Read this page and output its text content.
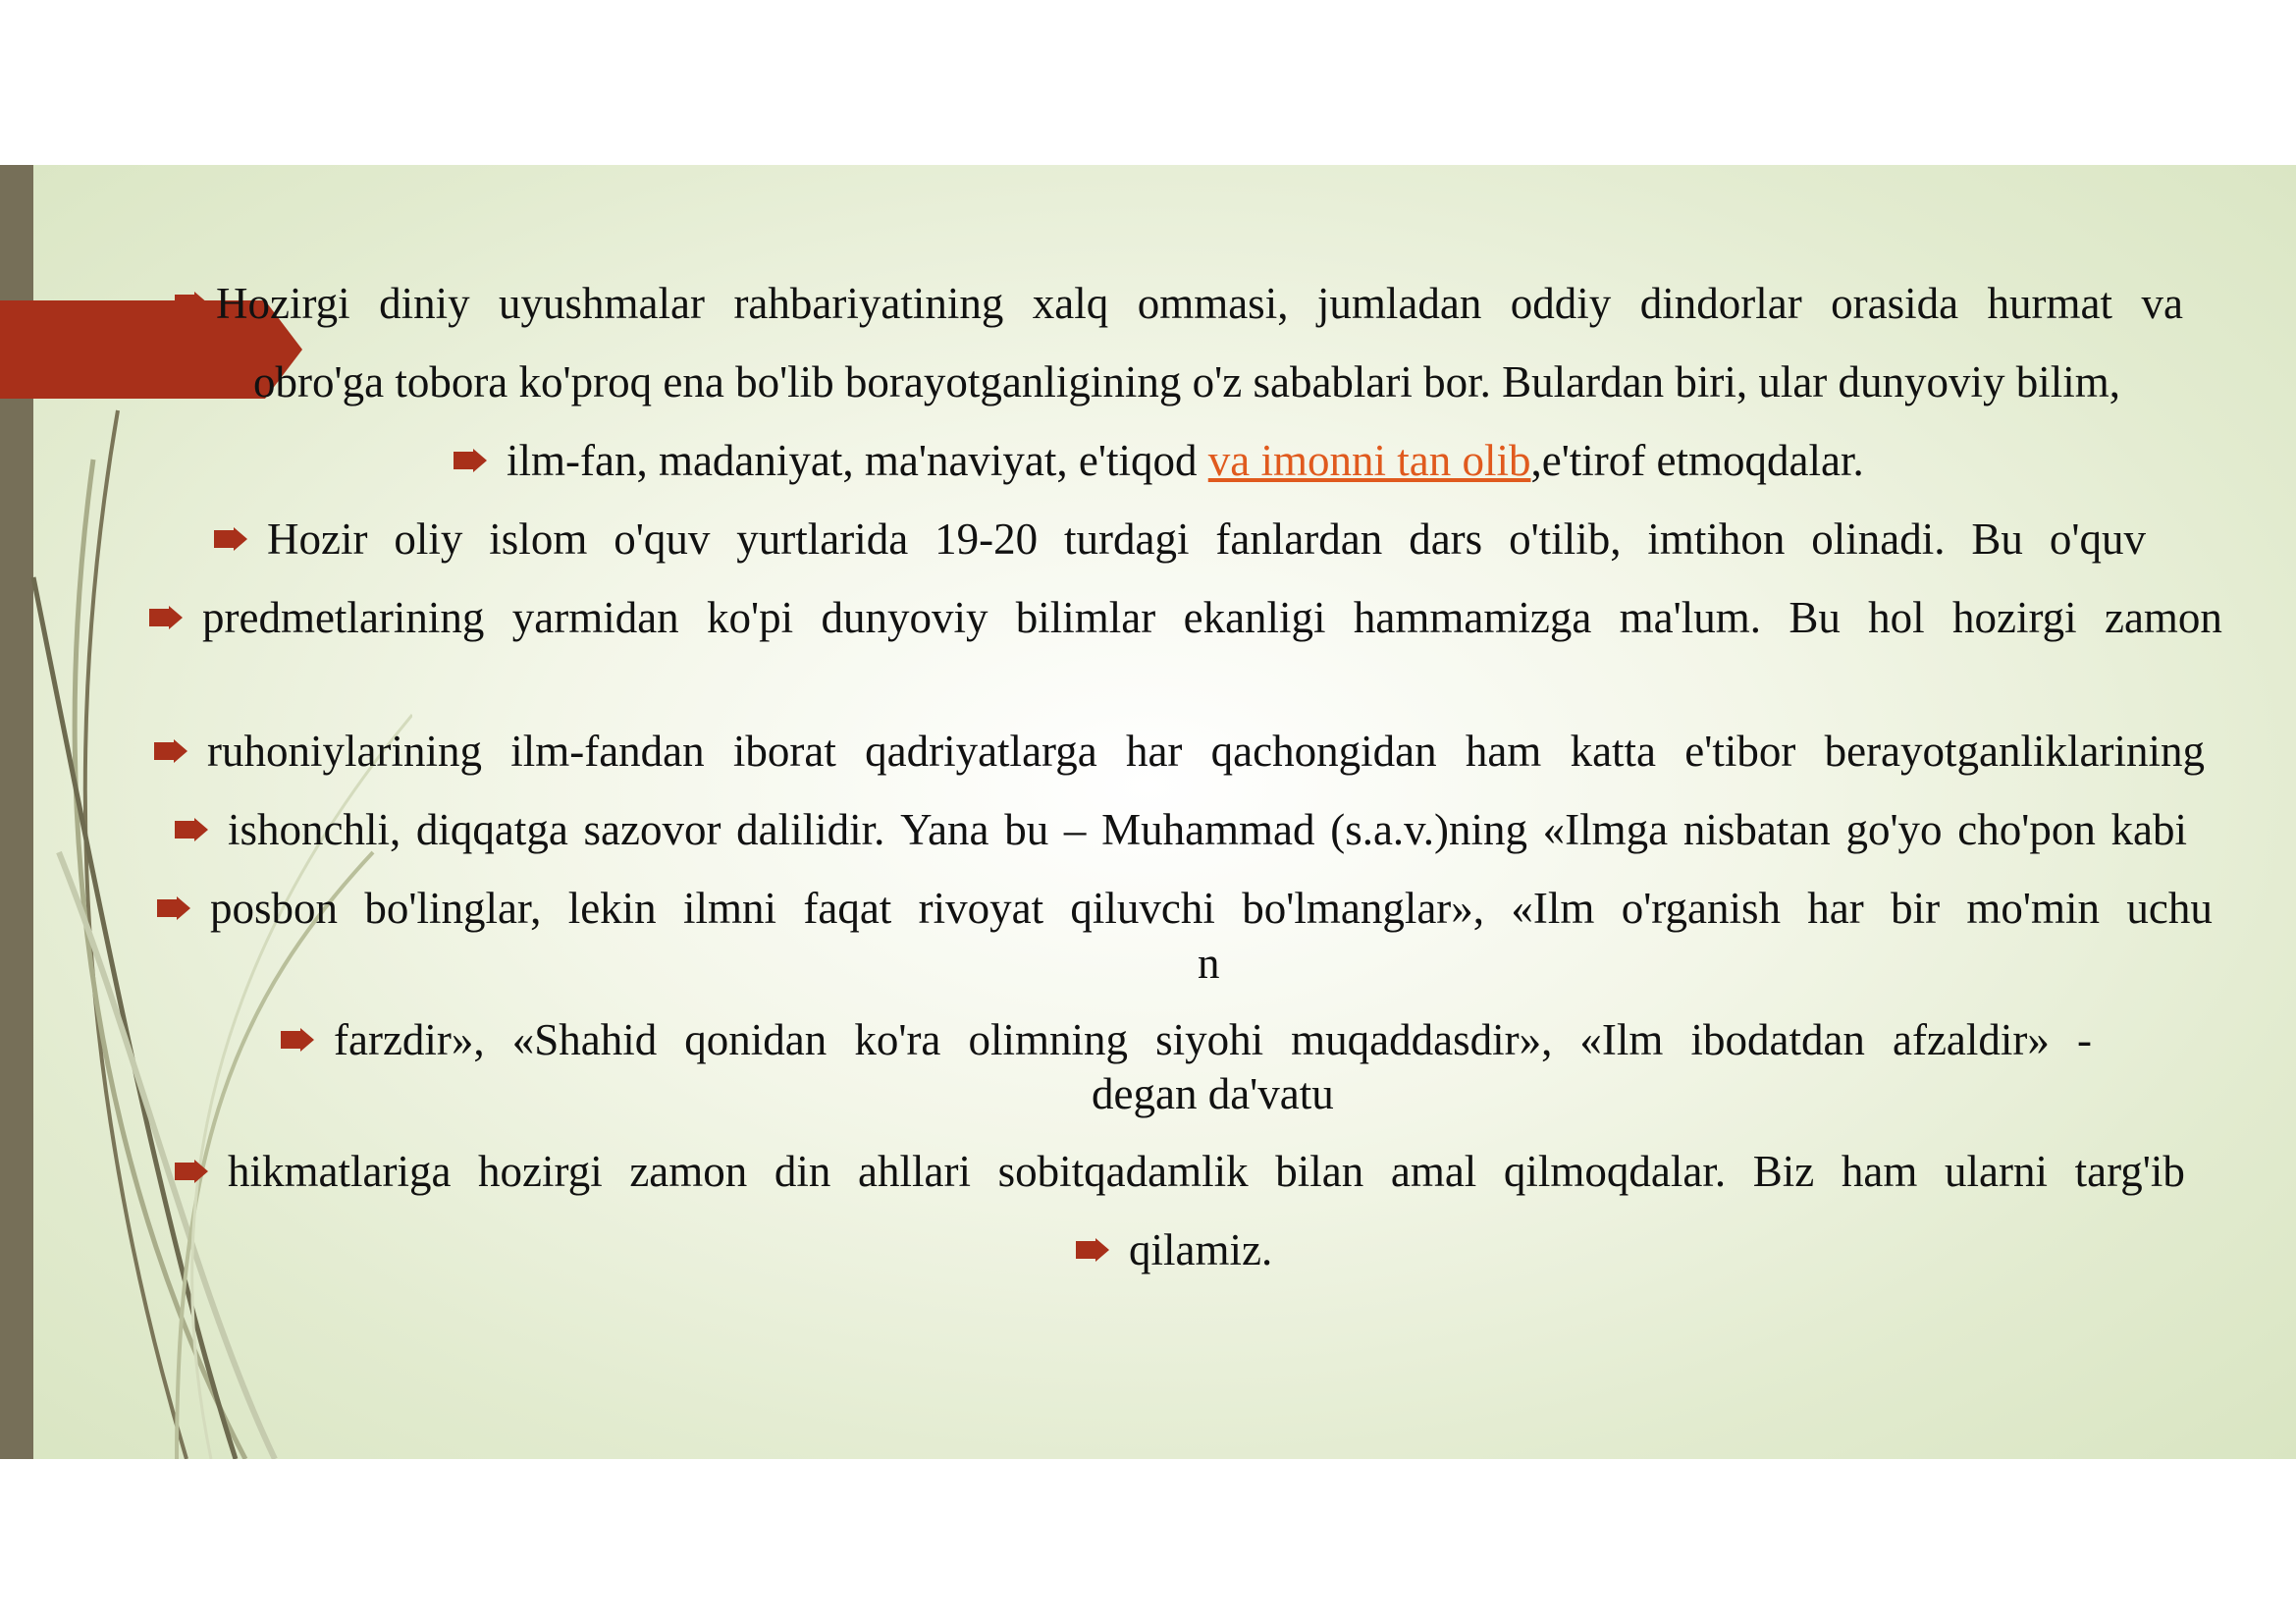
Hozirgi diniy uyushmalar rahbariyatining xalq ommasi, jumladan oddiy dindorlar orasida hurmat va
obro'ga tobora ko'proq ena bo'lib borayotganligining o'z sabablari bor. Bulardan biri, ular dunyoviy bilim,
ilm-fan, madaniyat, ma'naviyat, e'tiqod
va imonni tan olib ,e'tirof etmoqdalar.
Hozir oliy islom o'quv yurtlarida 19-20 turdagi fanlardan dars o'tilib, imtihon olinadi. Bu o'quv
predmetlarining yarmidan ko'pi dunyoviy bilimlar ekanligi hammamizga ma'lum. Bu hol hozirgi zamon
ruhoniylarining ilm-fandan iborat qadriyatlarga har qachongidan ham katta e'tibor berayotganliklarining
ishonchli, diqqatga sazovor dalilidir. Yana bu – Muhammad (s.a.v.)ning «Ilmga nisbatan go'yo cho'pon kabi
posbon bo'linglar, lekin ilmni faqat rivoyat qiluvchi bo'lmanglar», «Ilm o'rganish har bir mo'min uchu
n
farzdir», «Shahid qonidan ko'ra olimning siyohi muqaddasdir», «Ilm ibodatdan afzaldir» -
degan da'vatu
hikmatlariga hozirgi zamon din ahllari sobitqadamlik bilan amal qilmoqdalar. Biz ham ularni targ'ib
qilamiz.
